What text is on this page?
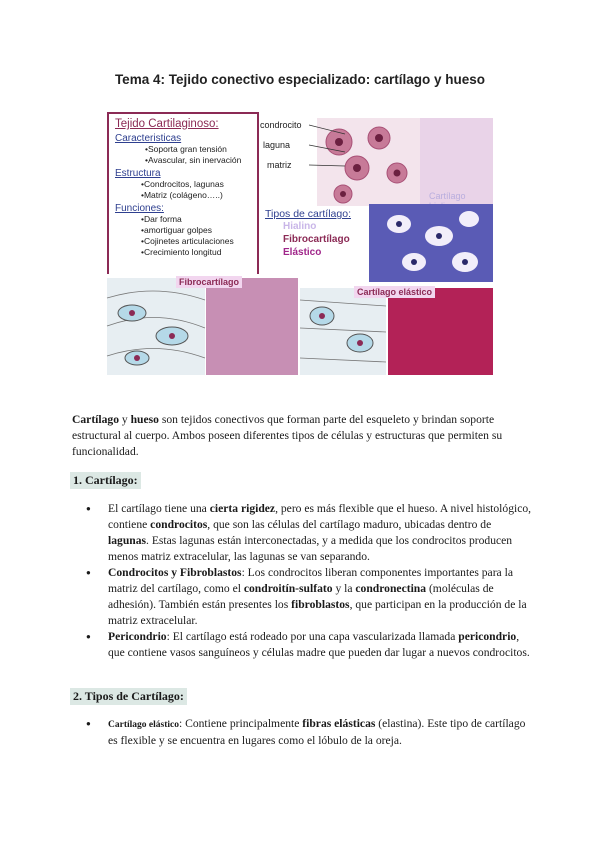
Tema 4: Tejido conectivo especializado: cartílago y hueso
Tejido Cartilaginoso:
Caracteristicas
•Soporta gran tensión
•Avascular, sin inervación
Estructura
•Condrocitos, lagunas
•Matriz (colágeno…..)
Funciones:
•Dar forma
•amortiguar golpes
•Cojinetes articulaciones
•Crecimiento longitud
condrocito
laguna
matriz
Cartílago
Tipos de cartílago:
Hialino
Fibrocartílago
Elástico
Fibrocartílago
Cartílago elástico
Cartílago y hueso son tejidos conectivos que forman parte del esqueleto y brindan soporte estructural al cuerpo. Ambos poseen diferentes tipos de células y estructuras que permiten su funcionalidad.
1. Cartílago:
● El cartílago tiene una cierta rigidez, pero es más flexible que el hueso. A nivel histológico, contiene condrocitos, que son las células del cartílago maduro, ubicadas dentro de lagunas. Estas lagunas están interconectadas, y a medida que los condrocitos producen menos matriz extracelular, las lagunas se van separando.
● Condrocitos y Fibroblastos: Los condrocitos liberan componentes importantes para la matriz del cartílago, como el condroitín-sulfato y la condronectina (moléculas de adhesión). También están presentes los fibroblastos, que participan en la producción de la matriz extracelular.
● Pericondrio: El cartílago está rodeado por una capa vascularizada llamada pericondrio, que contiene vasos sanguíneos y células madre que pueden dar lugar a nuevos condrocitos.
2. Tipos de Cartílago:
● Cartílago elástico: Contiene principalmente fibras elásticas (elastina). Este tipo de cartílago es flexible y se encuentra en lugares como el lóbulo de la oreja.
